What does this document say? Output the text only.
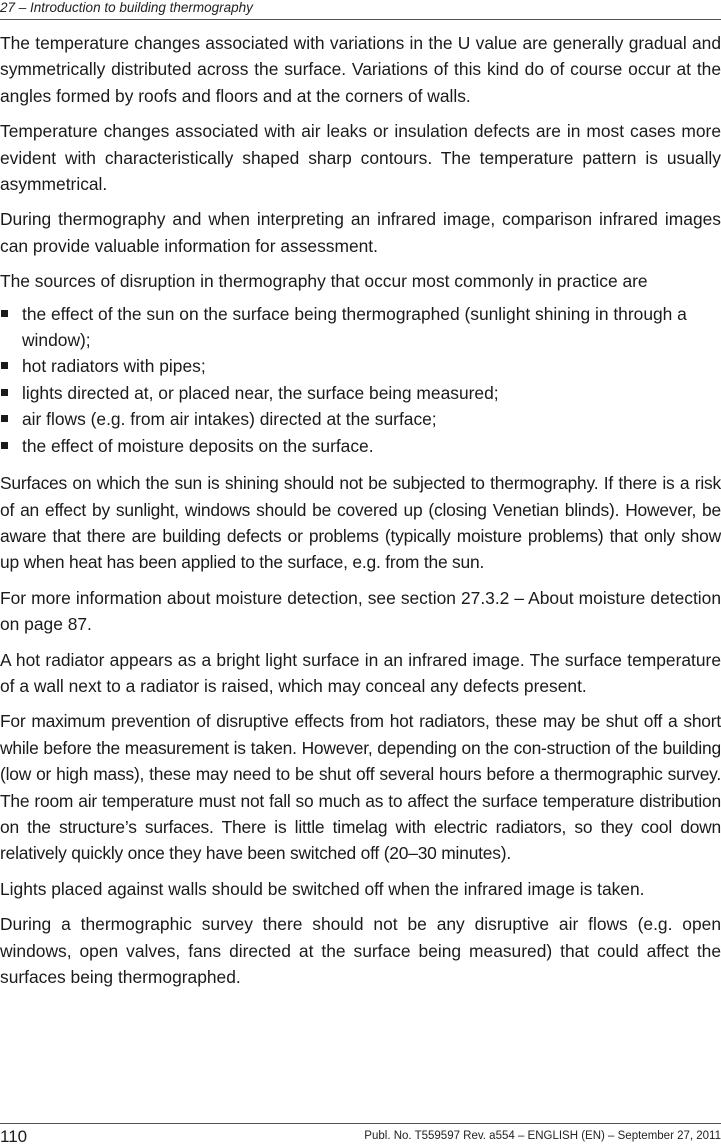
27 – Introduction to building thermography

The temperature changes associated with variations in the U value are generally gradual and symmetrically distributed across the surface. Variations of this kind do of course occur at the angles formed by roofs and floors and at the corners of walls.

Temperature changes associated with air leaks or insulation defects are in most cases more evident with characteristically shaped sharp contours. The temperature pattern is usually asymmetrical.

During thermography and when interpreting an infrared image, comparison infrared images can provide valuable information for assessment.

The sources of disruption in thermography that occur most commonly in practice are

the effect of the sun on the surface being thermographed (sunlight shining in through a window);
hot radiators with pipes;
lights directed at, or placed near, the surface being measured;
air flows (e.g. from air intakes) directed at the surface;
the effect of moisture deposits on the surface.

Surfaces on which the sun is shining should not be subjected to thermography. If there is a risk of an effect by sunlight, windows should be covered up (closing Venetian blinds). However, be aware that there are building defects or problems (typically moisture problems) that only show up when heat has been applied to the surface, e.g. from the sun.

For more information about moisture detection, see section 27.3.2 – About moisture detection on page 87.

A hot radiator appears as a bright light surface in an infrared image. The surface temperature of a wall next to a radiator is raised, which may conceal any defects present.

For maximum prevention of disruptive effects from hot radiators, these may be shut off a short while before the measurement is taken. However, depending on the con-struction of the building (low or high mass), these may need to be shut off several hours before a thermographic survey. The room air temperature must not fall so much as to affect the surface temperature distribution on the structure’s surfaces. There is little timelag with electric radiators, so they cool down relatively quickly once they have been switched off (20–30 minutes).

Lights placed against walls should be switched off when the infrared image is taken.

During a thermographic survey there should not be any disruptive air flows (e.g. open windows, open valves, fans directed at the surface being measured) that could affect the surfaces being thermographed.

110	Publ. No. T559597 Rev. a554 – ENGLISH (EN) – September 27, 2011
